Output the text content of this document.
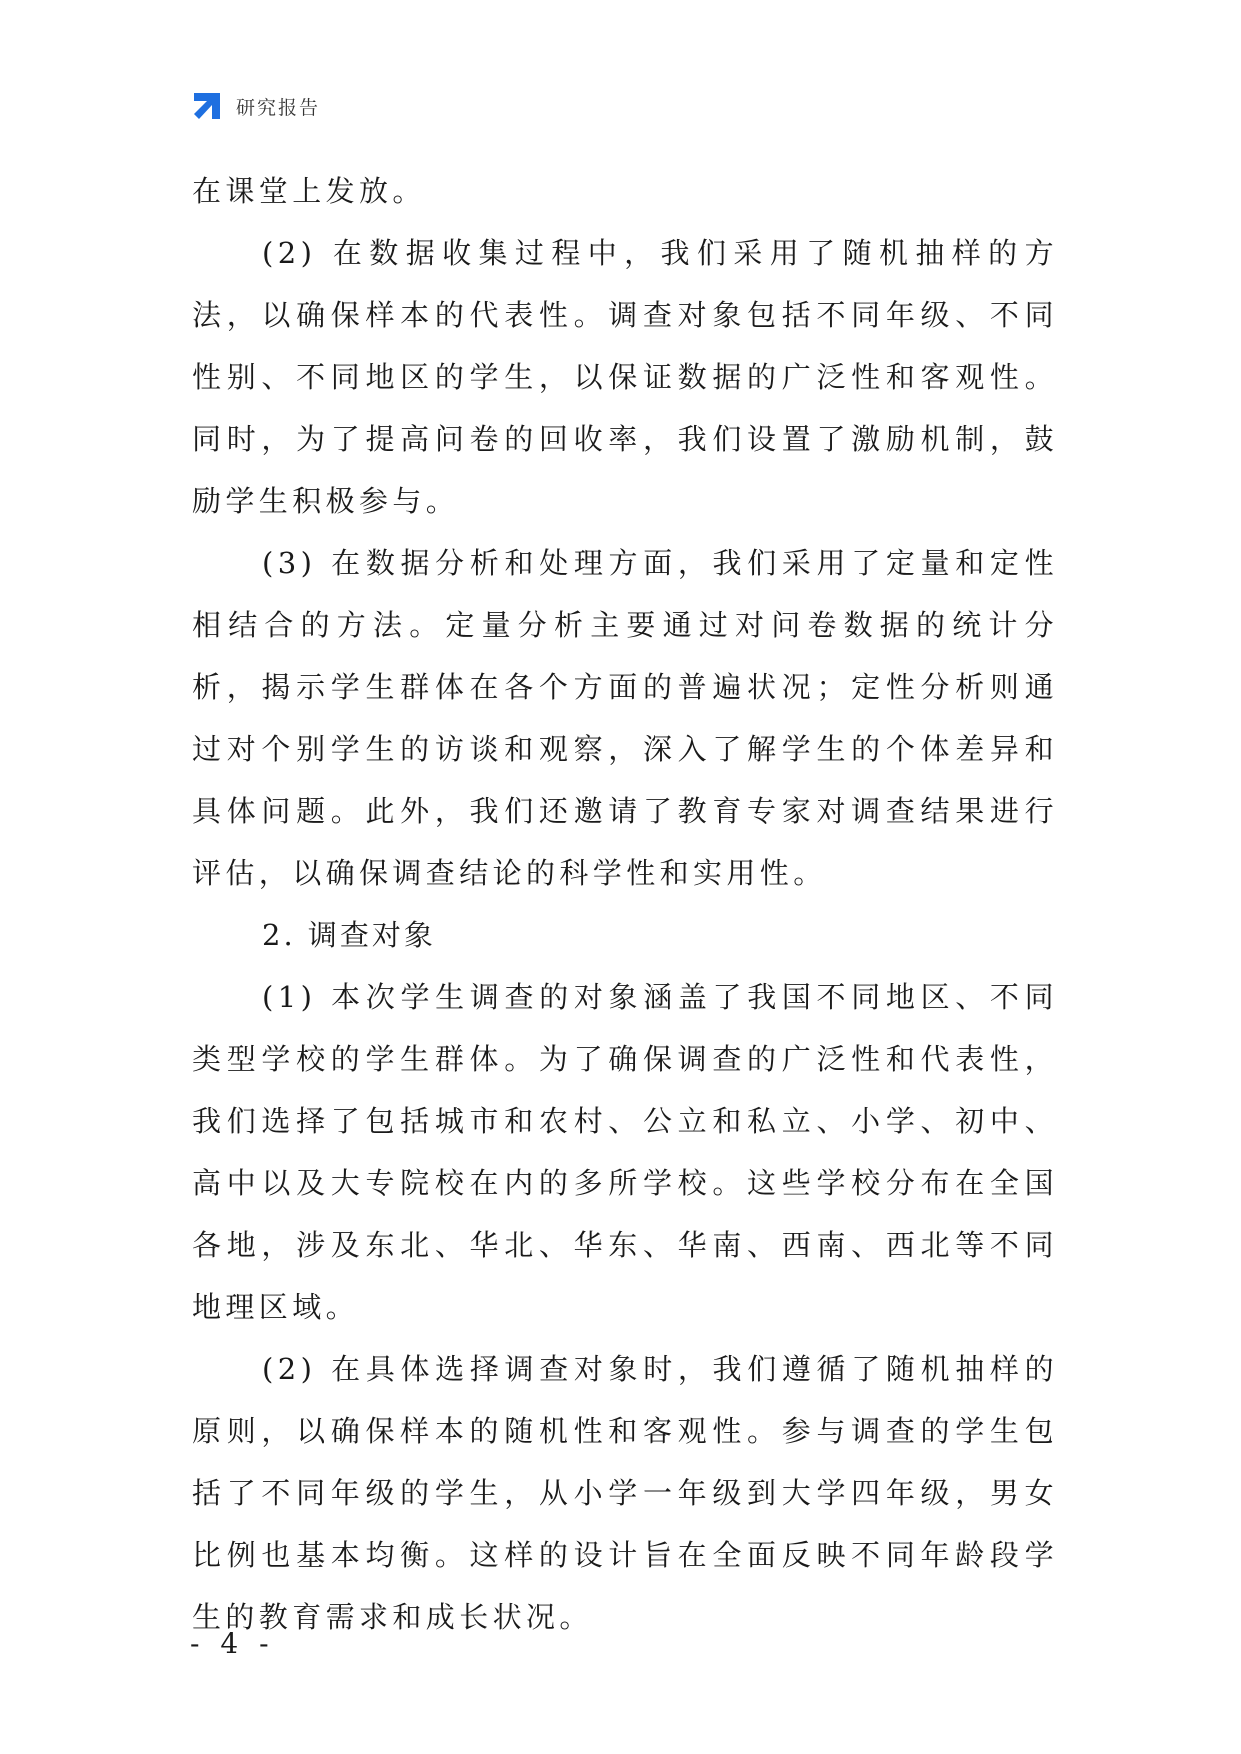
研究报告

在课堂上发放。

(2) 在数据收集过程中，我们采用了随机抽样的方法，以确保样本的代表性。调查对象包括不同年级、不同性别、不同地区的学生，以保证数据的广泛性和客观性。同时，为了提高问卷的回收率，我们设置了激励机制，鼓励学生积极参与。

(3) 在数据分析和处理方面，我们采用了定量和定性相结合的方法。定量分析主要通过对问卷数据的统计分析，揭示学生群体在各个方面的普遍状况；定性分析则通过对个别学生的访谈和观察，深入了解学生的个体差异和具体问题。此外，我们还邀请了教育专家对调查结果进行评估，以确保调查结论的科学性和实用性。

2. 调查对象

(1) 本次学生调查的对象涵盖了我国不同地区、不同类型学校的学生群体。为了确保调查的广泛性和代表性，我们选择了包括城市和农村、公立和私立、小学、初中、高中以及大专院校在内的多所学校。这些学校分布在全国各地，涉及东北、华北、华东、华南、西南、西北等不同地理区域。

(2) 在具体选择调查对象时，我们遵循了随机抽样的原则，以确保样本的随机性和客观性。参与调查的学生包括了不同年级的学生，从小学一年级到大学四年级，男女比例也基本均衡。这样的设计旨在全面反映不同年龄段学生的教育需求和成长状况。

- 4 -
